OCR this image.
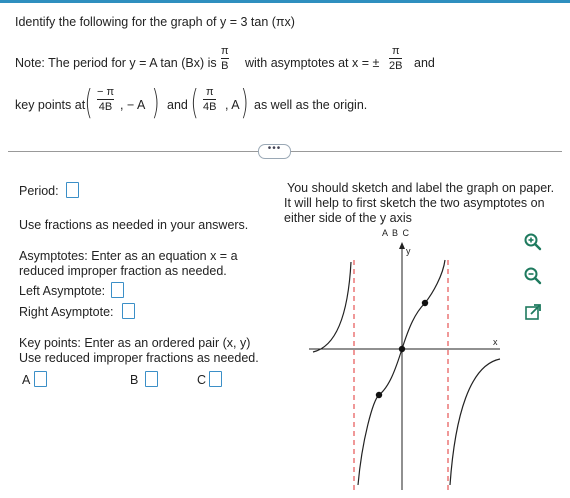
Identify the following for the graph of y = 3 tan (πx)
Note: The period for y = A tan (Bx) is
π
B with asymptotes at x = ±
π
2B and
key points at ( − π
4B , − A ) and ( π
4B , A ) as well as the origin.
•••
Period:
Use fractions as needed in your answers.
Asymptotes: Enter as an equation x = a
reduced improper fraction as needed.
Left Asymptote:
Right Asymptote:
Key points: Enter as an ordered pair (x, y)
Use reduced improper fractions as needed.
A	B	C
You should sketch and label the graph on paper.
It will help to first sketch the two asymptotes on
either side of the y axis
A B C
y
x
